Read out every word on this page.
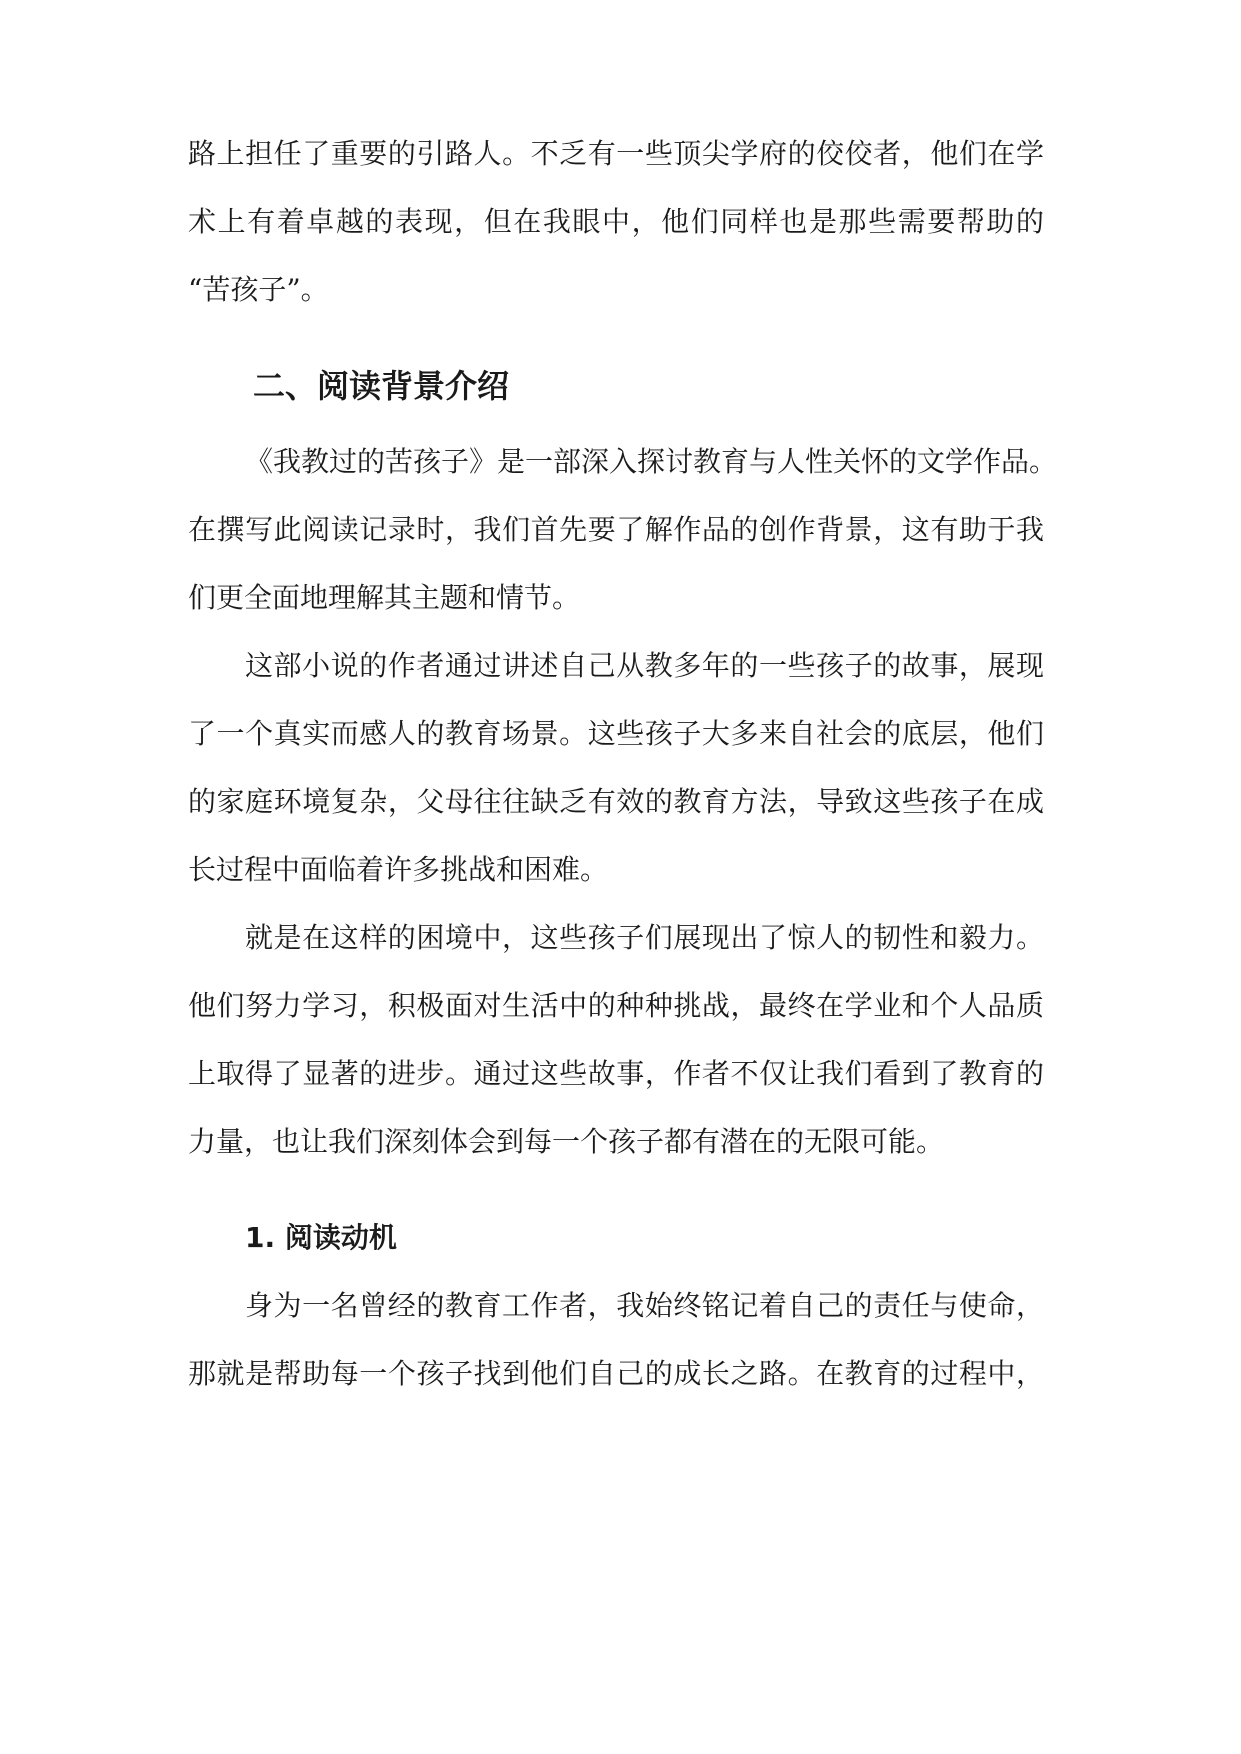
路上担任了重要的引路人。不乏有一些顶尖学府的佼佼者，他们在学
术上有着卓越的表现，但在我眼中，他们同样也是那些需要帮助的
“苦孩子”。
二、阅读背景介绍
《我教过的苦孩子》是一部深入探讨教育与人性关怀的文学作品。
在撰写此阅读记录时，我们首先要了解作品的创作背景，这有助于我
们更全面地理解其主题和情节。
这部小说的作者通过讲述自己从教多年的一些孩子的故事，展现
了一个真实而感人的教育场景。这些孩子大多来自社会的底层，他们
的家庭环境复杂，父母往往缺乏有效的教育方法，导致这些孩子在成
长过程中面临着许多挑战和困难。
就是在这样的困境中，这些孩子们展现出了惊人的韧性和毅力。
他们努力学习，积极面对生活中的种种挑战，最终在学业和个人品质
上取得了显著的进步。通过这些故事，作者不仅让我们看到了教育的
力量，也让我们深刻体会到每一个孩子都有潜在的无限可能。
1. 阅读动机
身为一名曾经的教育工作者，我始终铭记着自己的责任与使命，
那就是帮助每一个孩子找到他们自己的成长之路。在教育的过程中，
